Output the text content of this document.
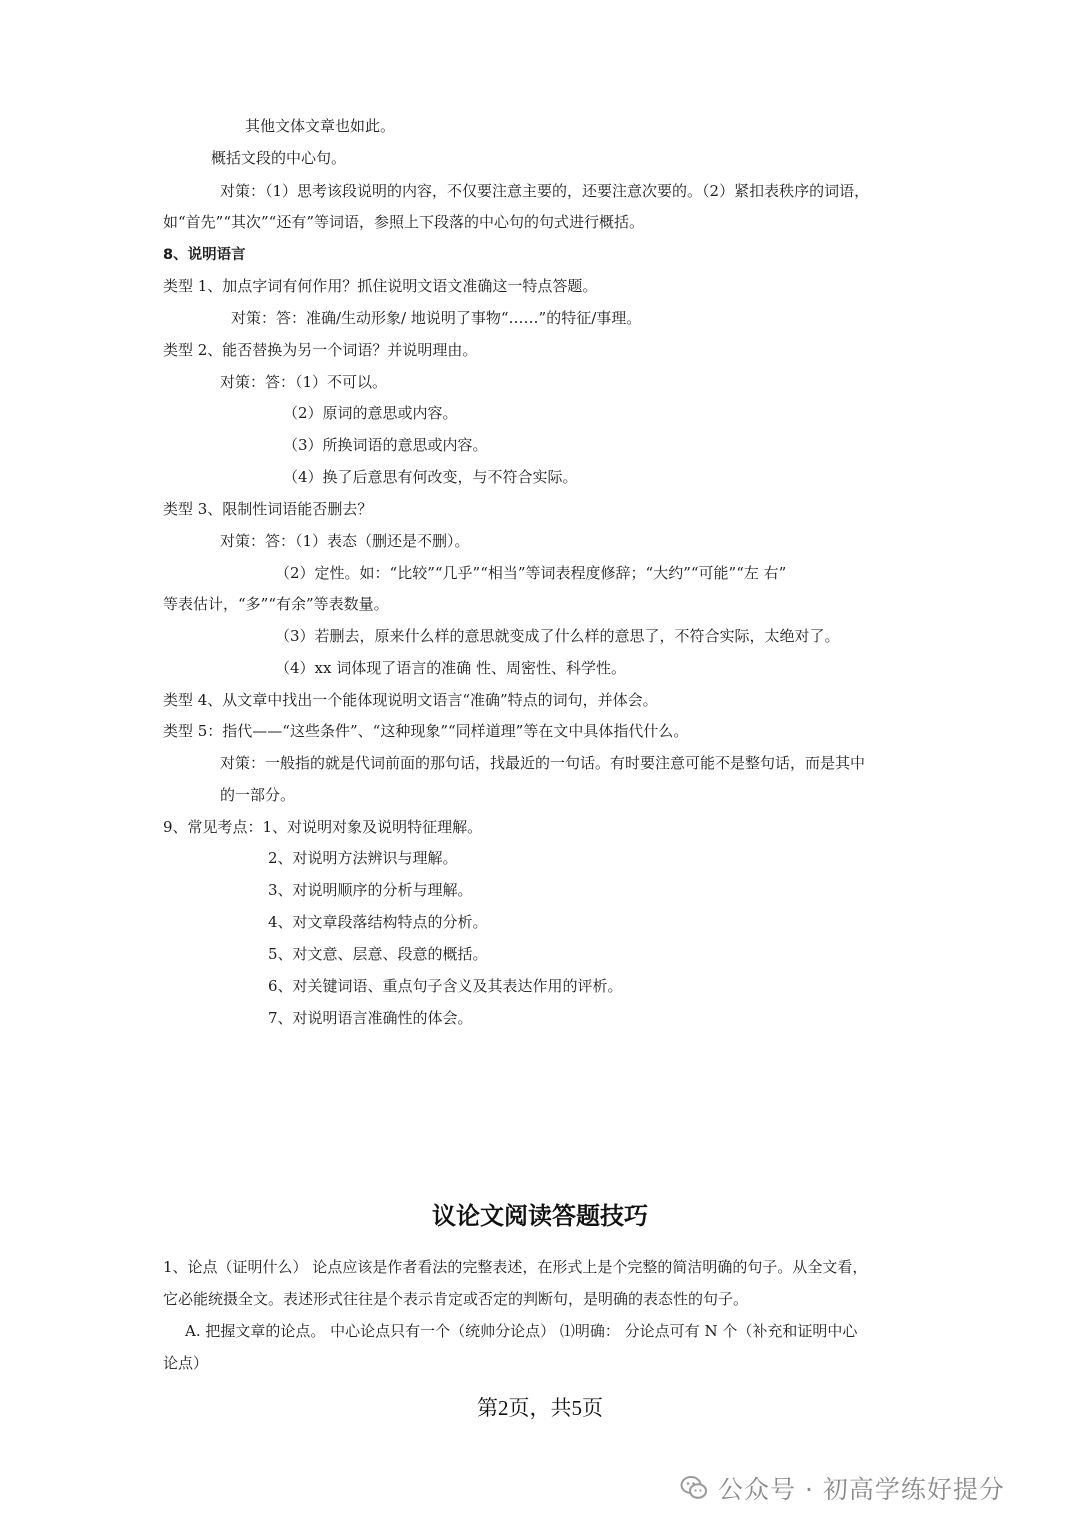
其他文体文章也如此。
概括文段的中心句。
对策：（1）思考该段说明的内容，不仅要注意主要的，还要注意次要的。（2）紧扣表秩序的词语，
如“首先”“其次”“还有”等词语，参照上下段落的中心句的句式进行概括。
8、说明语言
类型 1、加点字词有何作用？抓住说明文语文准确这一特点答题。
对策：答：准确/生动形象/ 地说明了事物“……”的特征/事理。
类型 2、能否替换为另一个词语？并说明理由。
对策：答：（1）不可以。
（2）原词的意思或内容。
（3）所换词语的意思或内容。
（4）换了后意思有何改变，与不符合实际。
类型 3、限制性词语能否删去？
对策：答：（1）表态（删还是不删）。
（2）定性。如：“比较”“几乎”“相当”等词表程度修辞；“大约”“可能”“左 右”
等表估计，“多”“有余”等表数量。
（3）若删去，原来什么样的意思就变成了什么样的意思了，不符合实际，太绝对了。
（4）xx 词体现了语言的准确 性、周密性、科学性。
类型 4、从文章中找出一个能体现说明文语言“准确”特点的词句，并体会。
类型 5：指代——“这些条件”、“这种现象”“同样道理”等在文中具体指代什么。
对策：一般指的就是代词前面的那句话，找最近的一句话。有时要注意可能不是整句话，而是其中
的一部分。
9、常见考点：1、对说明对象及说明特征理解。
2、对说明方法辨识与理解。
3、对说明顺序的分析与理解。
4、对文章段落结构特点的分析。
5、对文意、层意、段意的概括。
6、对关键词语、重点句子含义及其表达作用的评析。
7、对说明语言准确性的体会。
议论文阅读答题技巧
1、论点（证明什么） 论点应该是作者看法的完整表述，在形式上是个完整的简洁明确的句子。从全文看，
它必能统摄全文。表述形式往往是个表示肯定或否定的判断句，是明确的表态性的句子。
A. 把握文章的论点。 中心论点只有一个（统帅分论点） ⑴明确： 分论点可有 N 个（补充和证明中心
论点）
第2页，共5页
公众号 · 初高学练好提分
